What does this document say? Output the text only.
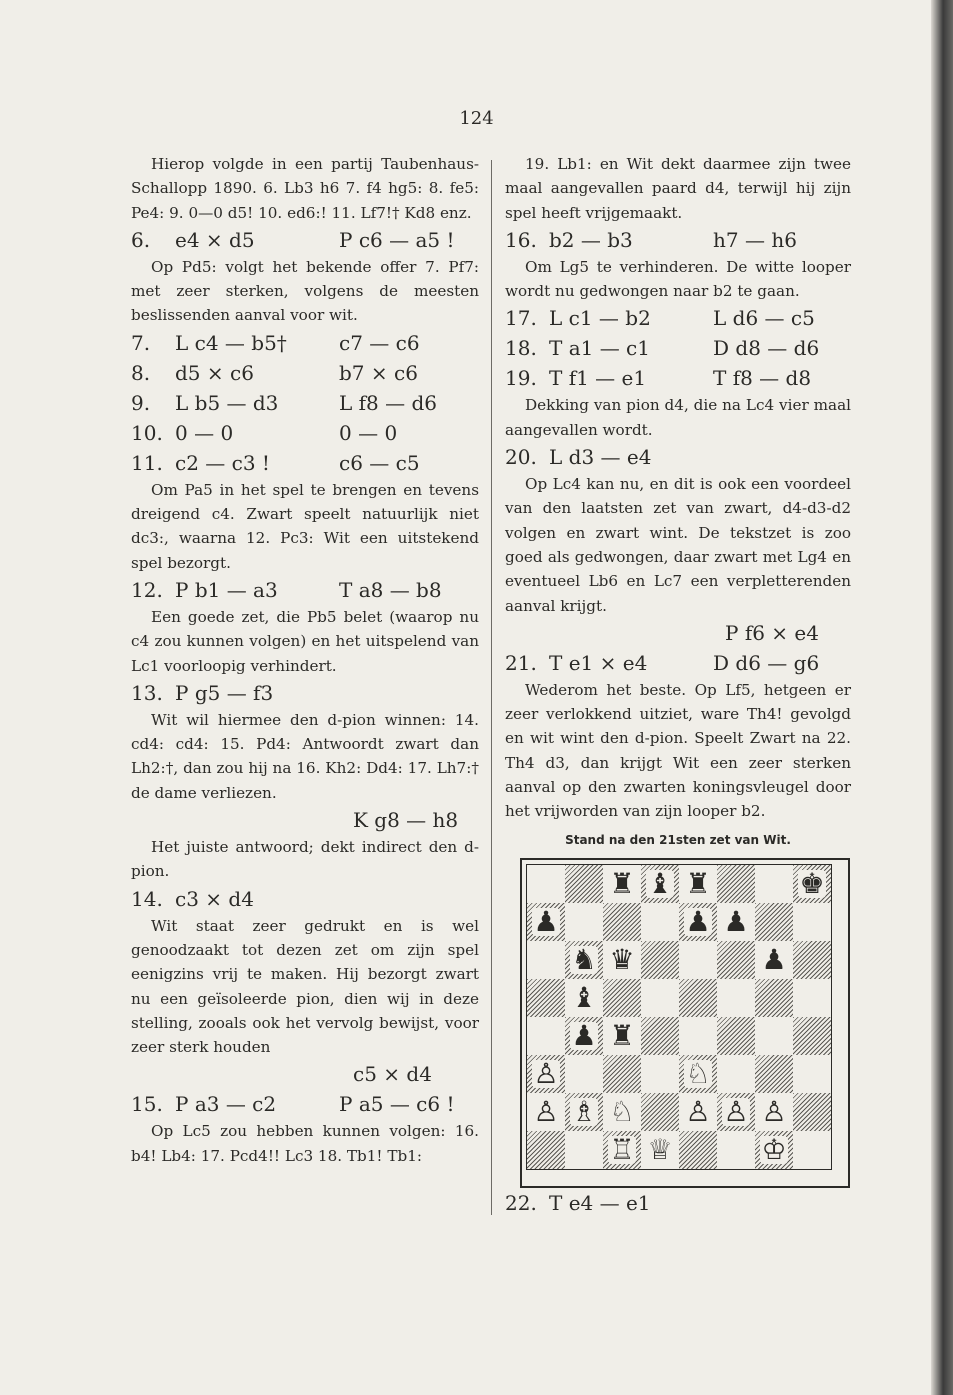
124

Hierop volgde in een partij Taubenhaus-Schallopp 1890. 6. Lb3 h6 7. f4 hg5: 8. fe5: Pe4: 9. 0—0 d5! 10. ed6:! 11. Lf7!† Kd8 enz.

6.	e4 × d5	P c6 — a5 !

Op Pd5: volgt het bekende offer 7. Pf7: met zeer sterken, volgens de meesten beslissenden aanval voor wit.

7.	L c4 — b5†	c7 — c6
8.	d5 × c6	b7 × c6
9.	L b5 — d3	L f8 — d6
10. 0 — 0	0 — 0
11. c2 — c3 !	c6 — c5

Om Pa5 in het spel te brengen en tevens dreigend c4. Zwart speelt natuurlijk niet dc3:, waarna 12. Pc3: Wit een uitstekend spel bezorgt.

12. P b1 — a3	T a8 — b8

Een goede zet, die Pb5 belet (waarop nu c4 zou kunnen volgen) en het uitspelend van Lc1 voorloopig verhindert.

13. P g5 — f3

Wit wil hiermee den d-pion winnen: 14. cd4: cd4: 15. Pd4: Antwoordt zwart dan Lh2:†, dan zou hij na 16. Kh2: Dd4: 17. Lh7:† de dame verliezen.

K g8 — h8

Het juiste antwoord; dekt indirect den d-pion.

14. c3 × d4

Wit staat zeer gedrukt en is wel genoodzaakt tot dezen zet om zijn spel eenigzins vrij te maken. Hij bezorgt zwart nu een geïsoleerde pion, dien wij in deze stelling, zooals ook het vervolg bewijst, voor zeer sterk houden

c5 × d4
15. P a3 — c2	P a5 — c6 !

Op Lc5 zou hebben kunnen volgen: 16. b4! Lb4: 17. Pcd4!! Lc3 18. Tb1! Tb1:

19. Lb1: en Wit dekt daarmee zijn twee maal aangevallen paard d4, terwijl hij zijn spel heeft vrijgemaakt.

16. b2 — b3	h7 — h6

Om Lg5 te verhinderen. De witte looper wordt nu gedwongen naar b2 te gaan.

17. L c1 — b2	L d6 — c5
18. T a1 — c1	D d8 — d6
19. T f1 — e1	T f8 — d8

Dekking van pion d4, die na Lc4 vier maal aangevallen wordt.

20. L d3 — e4

Op Lc4 kan nu, en dit is ook een voordeel van den laatsten zet van zwart, d4-d3-d2 volgen en zwart wint. De tekstzet is zoo goed als gedwongen, daar zwart met Lg4 en eventueel Lb6 en Lc7 een verpletterenden aanval krijgt.

P f6 × e4
21. T e1 × e4	D d6 — g6

Wederom het beste. Op Lf5, hetgeen er zeer verlokkend uitziet, ware Th4! gevolgd en wit wint den d-pion. Speelt Zwart na 22. Th4 d3, dan krijgt Wit een zeer sterken aanval op den zwarten koningsvleugel door het vrijworden van zijn looper b2.

Stand na den 21sten zet van Wit.
♜ ♝ ♜	♚
♟	♟ ♟
♞ ♛	♟
♝
♟ ♜
♙	♘
♙ ♗ ♘ ♙ ♙ ♙
♖ ♕	♔
22. T e4 — e1
